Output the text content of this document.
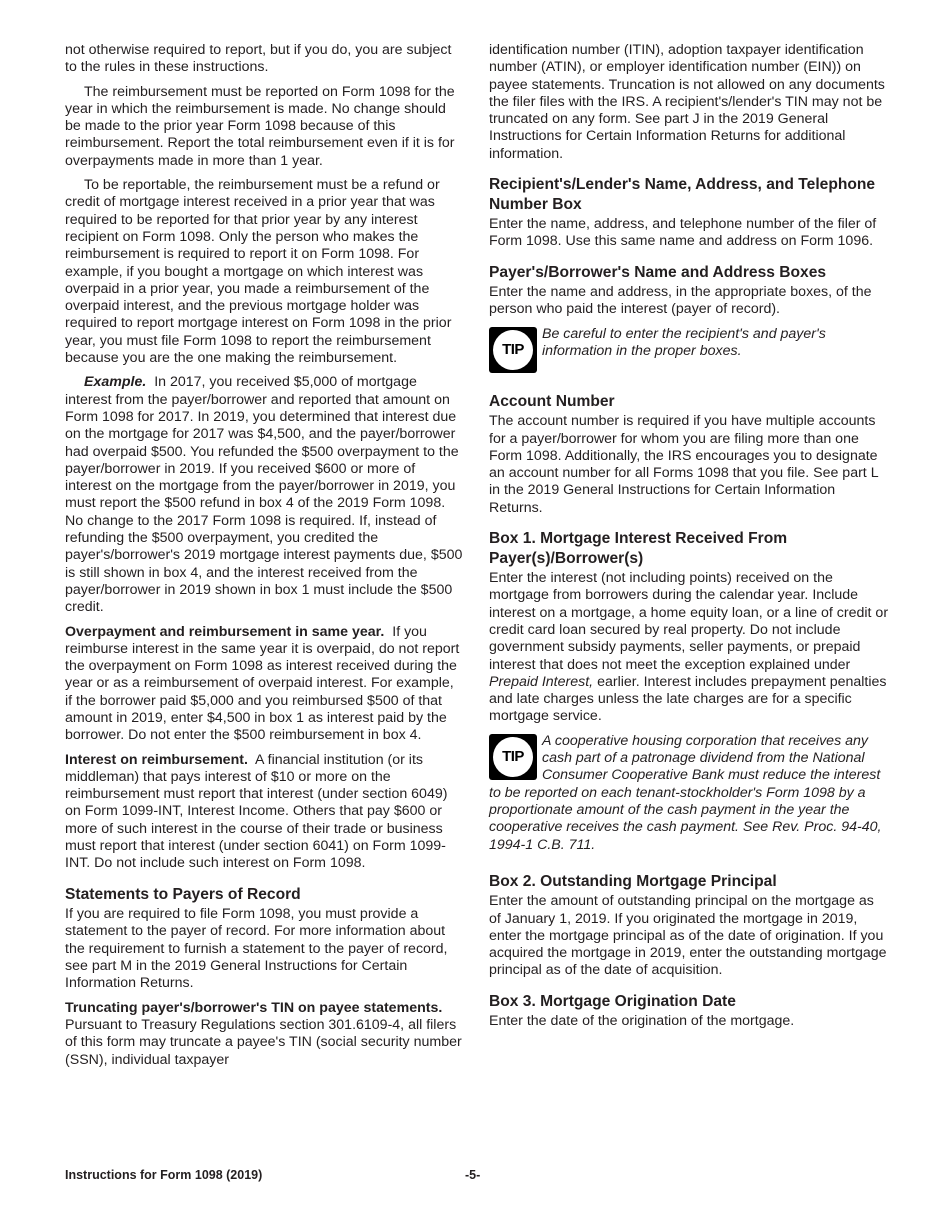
not otherwise required to report, but if you do, you are subject to the rules in these instructions.

The reimbursement must be reported on Form 1098 for the year in which the reimbursement is made. No change should be made to the prior year Form 1098 because of this reimbursement. Report the total reimbursement even if it is for overpayments made in more than 1 year.

To be reportable, the reimbursement must be a refund or credit of mortgage interest received in a prior year that was required to be reported for that prior year by any interest recipient on Form 1098. Only the person who makes the reimbursement is required to report it on Form 1098. For example, if you bought a mortgage on which interest was overpaid in a prior year, you made a reimbursement of the overpaid interest, and the previous mortgage holder was required to report mortgage interest on Form 1098 in the prior year, you must file Form 1098 to report the reimbursement because you are the one making the reimbursement.

Example. In 2017, you received $5,000 of mortgage interest from the payer/borrower and reported that amount on Form 1098 for 2017. In 2019, you determined that interest due on the mortgage for 2017 was $4,500, and the payer/borrower had overpaid $500. You refunded the $500 overpayment to the payer/borrower in 2019. If you received $600 or more of interest on the mortgage from the payer/borrower in 2019, you must report the $500 refund in box 4 of the 2019 Form 1098. No change to the 2017 Form 1098 is required. If, instead of refunding the $500 overpayment, you credited the payer's/borrower's 2019 mortgage interest payments due, $500 is still shown in box 4, and the interest received from the payer/borrower in 2019 shown in box 1 must include the $500 credit.

Overpayment and reimbursement in same year. If you reimburse interest in the same year it is overpaid, do not report the overpayment on Form 1098 as interest received during the year or as a reimbursement of overpaid interest. For example, if the borrower paid $5,000 and you reimbursed $500 of that amount in 2019, enter $4,500 in box 1 as interest paid by the borrower. Do not enter the $500 reimbursement in box 4.

Interest on reimbursement. A financial institution (or its middleman) that pays interest of $10 or more on the reimbursement must report that interest (under section 6049) on Form 1099-INT, Interest Income. Others that pay $600 or more of such interest in the course of their trade or business must report that interest (under section 6041) on Form 1099-INT. Do not include such interest on Form 1098.

Statements to Payers of Record

If you are required to file Form 1098, you must provide a statement to the payer of record. For more information about the requirement to furnish a statement to the payer of record, see part M in the 2019 General Instructions for Certain Information Returns.

Truncating payer's/borrower's TIN on payee statements.  Pursuant to Treasury Regulations section 301.6109-4, all filers of this form may truncate a payee's TIN (social security number (SSN), individual taxpayer

identification number (ITIN), adoption taxpayer identification number (ATIN), or employer identification number (EIN)) on payee statements. Truncation is not allowed on any documents the filer files with the IRS. A recipient's/lender's TIN may not be truncated on any form. See part J in the 2019 General Instructions for Certain Information Returns for additional information.

Recipient's/Lender's Name, Address, and Telephone Number Box

Enter the name, address, and telephone number of the filer of Form 1098. Use this same name and address on Form 1096.

Payer's/Borrower's Name and Address Boxes

Enter the name and address, in the appropriate boxes, of the person who paid the interest (payer of record).

TIP
Be careful to enter the recipient's and payer's information in the proper boxes.
Account Number

The account number is required if you have multiple accounts for a payer/borrower for whom you are filing more than one Form 1098. Additionally, the IRS encourages you to designate an account number for all Forms 1098 that you file. See part L in the 2019 General Instructions for Certain Information Returns.

Box 1. Mortgage Interest Received From Payer(s)/Borrower(s)

Enter the interest (not including points) received on the mortgage from borrowers during the calendar year. Include interest on a mortgage, a home equity loan, or a line of credit or credit card loan secured by real property. Do not include government subsidy payments, seller payments, or prepaid interest that does not meet the exception explained under Prepaid Interest, earlier. Interest includes prepayment penalties and late charges unless the late charges are for a specific mortgage service.

TIP
A cooperative housing corporation that receives any cash part of a patronage dividend from the National Consumer Cooperative Bank must reduce the interest to be reported on each tenant-stockholder's Form 1098 by a proportionate amount of the cash payment in the year the cooperative receives the cash payment. See Rev. Proc. 94-40, 1994-1 C.B. 711.
Box 2. Outstanding Mortgage Principal

Enter the amount of outstanding principal on the mortgage as of January 1, 2019. If you originated the mortgage in 2019, enter the mortgage principal as of the date of origination. If you acquired the mortgage in 2019, enter the outstanding mortgage principal as of the date of acquisition.

Box 3. Mortgage Origination Date

Enter the date of the origination of the mortgage.

Instructions for Form 1098 (2019)	-5-
